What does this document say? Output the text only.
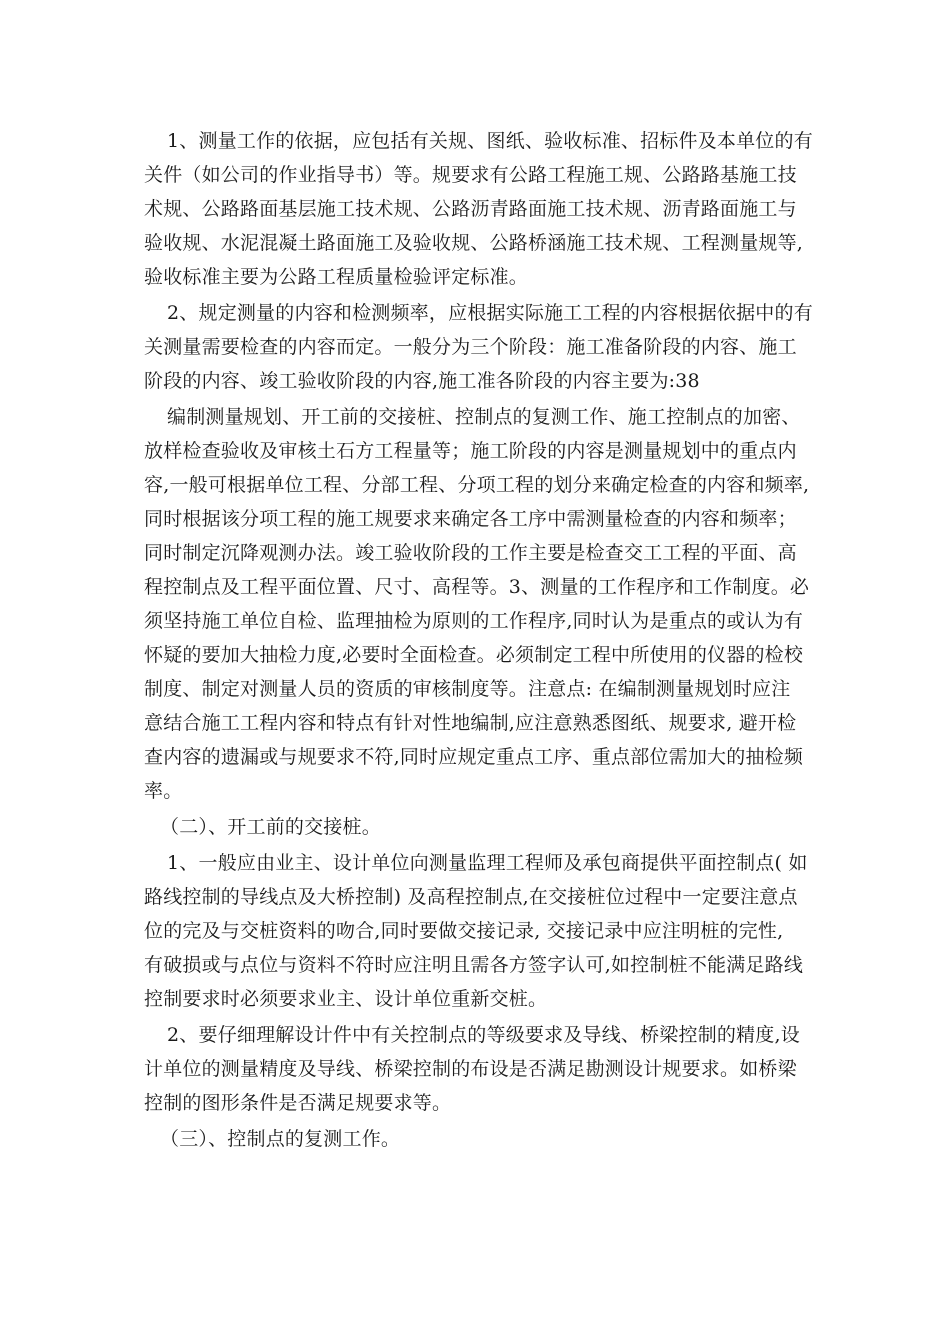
1、测量工作的依据，应包括有关规、图纸、验收标准、招标件及本单位的有

关件（如公司的作业指导书）等。规要求有公路工程施工规、公路路基施工技

术规、公路路面基层施工技术规、公路沥青路面施工技术规、沥青路面施工与

验收规、水泥混凝土路面施工及验收规、公路桥涵施工技术规、工程测量规等,

验收标准主要为公路工程质量检验评定标准。

2、规定测量的内容和检测频率，应根据实际施工工程的内容根据依据中的有

关测量需要检查的内容而定。一般分为三个阶段：施工准备阶段的内容、施工

阶段的内容、竣工验收阶段的内容,施工准各阶段的内容主要为:38

编制测量规划、开工前的交接桩、控制点的复测工作、施工控制点的加密、

放样检查验收及审核土石方工程量等；施工阶段的内容是测量规划中的重点内

容,一般可根据单位工程、分部工程、分项工程的划分来确定检查的内容和频率,

同时根据该分项工程的施工规要求来确定各工序中需测量检查的内容和频率；

同时制定沉降观测办法。竣工验收阶段的工作主要是检查交工工程的平面、高

程控制点及工程平面位置、尺寸、高程等。3、测量的工作程序和工作制度。必

须坚持施工单位自检、监理抽检为原则的工作程序,同时认为是重点的或认为有

怀疑的要加大抽检力度,必要时全面检查。必须制定工程中所使用的仪器的检校

制度、制定对测量人员的资质的审核制度等。注意点: 在编制测量规划时应注

意结合施工工程内容和特点有针对性地编制,应注意熟悉图纸、规要求, 避开检

查内容的遗漏或与规要求不符,同时应规定重点工序、重点部位需加大的抽检频

率。

（二）、开工前的交接桩。

1、一般应由业主、设计单位向测量监理工程师及承包商提供平面控制点( 如

路线控制的导线点及大桥控制) 及高程控制点,在交接桩位过程中一定要注意点

位的完及与交桩资料的吻合,同时要做交接记录, 交接记录中应注明桩的完性,

有破损或与点位与资料不符时应注明且需各方签字认可,如控制桩不能满足路线

控制要求时必须要求业主、设计单位重新交桩。

2、要仔细理解设计件中有关控制点的等级要求及导线、桥梁控制的精度,设

计单位的测量精度及导线、桥梁控制的布设是否满足勘测设计规要求。如桥梁

控制的图形条件是否满足规要求等。

（三）、控制点的复测工作。
